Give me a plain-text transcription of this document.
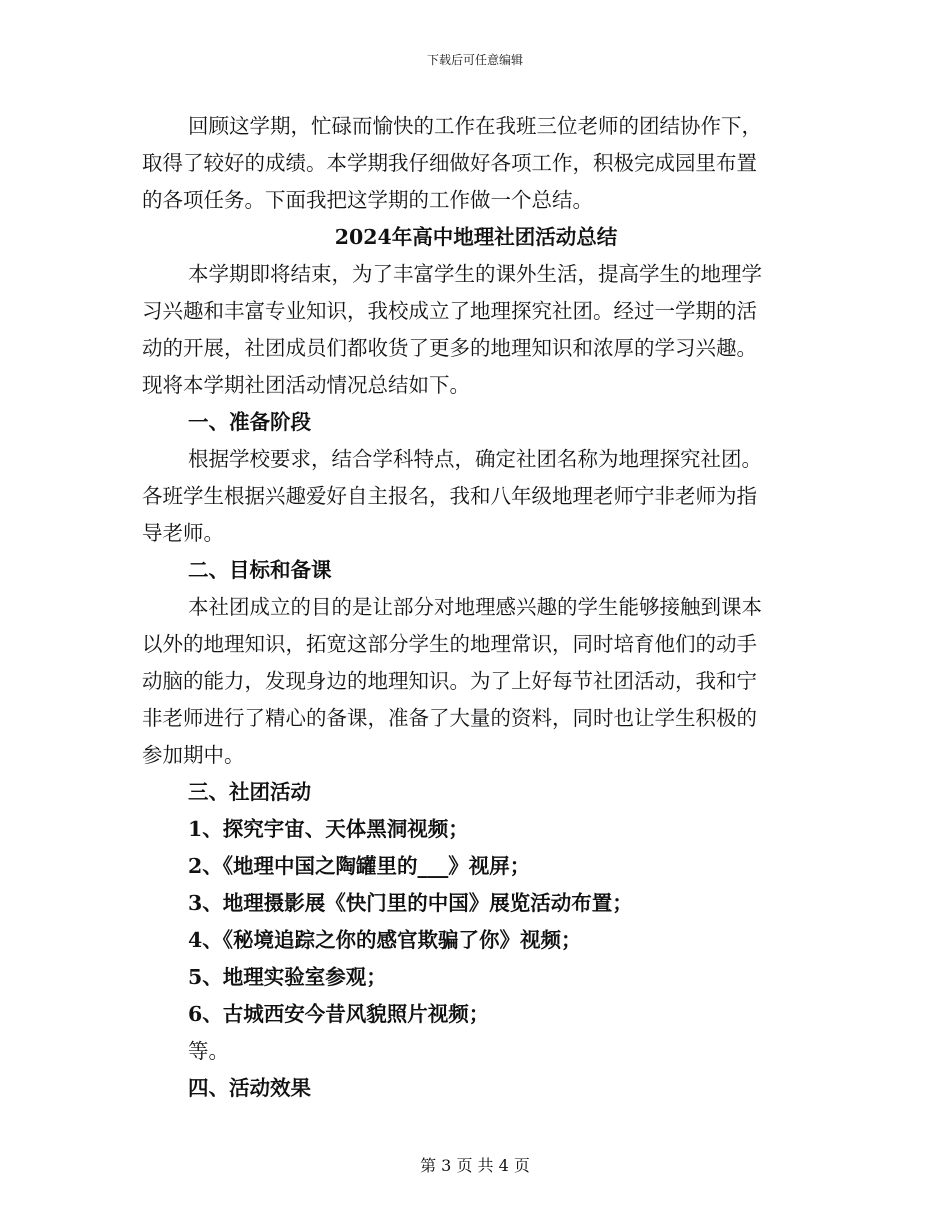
下载后可任意编辑
回顾这学期，忙碌而愉快的工作在我班三位老师的团结协作下，
取得了较好的成绩。本学期我仔细做好各项工作，积极完成园里布置
的各项任务。下面我把这学期的工作做一个总结。
2024年高中地理社团活动总结
本学期即将结束，为了丰富学生的课外生活，提高学生的地理学
习兴趣和丰富专业知识，我校成立了地理探究社团。经过一学期的活
动的开展，社团成员们都收货了更多的地理知识和浓厚的学习兴趣。
现将本学期社团活动情况总结如下。
一、准备阶段
根据学校要求，结合学科特点，确定社团名称为地理探究社团。
各班学生根据兴趣爱好自主报名，我和八年级地理老师宁非老师为指
导老师。
二、目标和备课
本社团成立的目的是让部分对地理感兴趣的学生能够接触到课本
以外的地理知识，拓宽这部分学生的地理常识，同时培育他们的动手
动脑的能力，发现身边的地理知识。为了上好每节社团活动，我和宁
非老师进行了精心的备课，准备了大量的资料，同时也让学生积极的
参加期中。
三、社团活动
1、探究宇宙、天体黑洞视频；
2、《地理中国之陶罐里的___》视屏；
3、地理摄影展《快门里的中国》展览活动布置；
4、《秘境追踪之你的感官欺骗了你》视频；
5、地理实验室参观；
6、古城西安今昔风貌照片视频；
等。
四、活动效果
第 3 页 共 4 页
